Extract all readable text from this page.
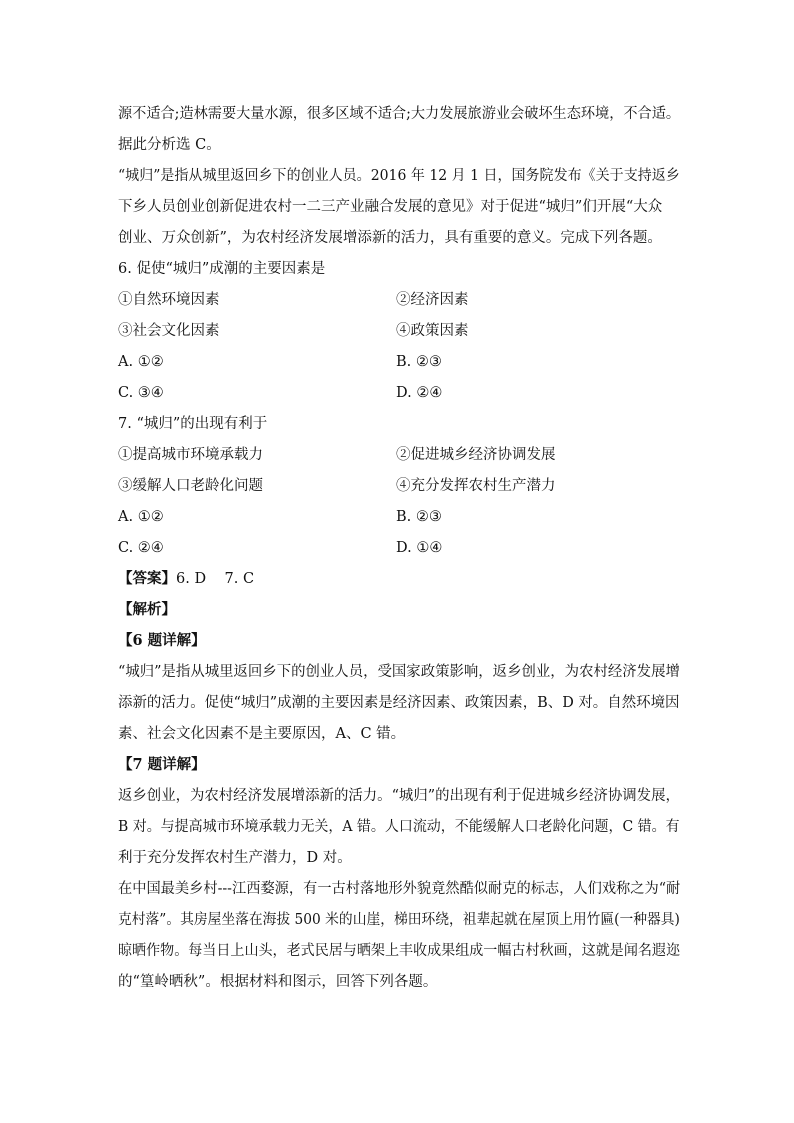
源不适合;造林需要大量水源，很多区域不适合;大力发展旅游业会破坏生态环境，不合适。
据此分析选 C。
“城归”是指从城里返回乡下的创业人员。2016 年 12 月 1 日，国务院发布《关于支持返乡
下乡人员创业创新促进农村一二三产业融合发展的意见》对于促进“城归”们开展“大众
创业、万众创新”，为农村经济发展增添新的活力，具有重要的意义。完成下列各题。
6. 促使“城归”成潮的主要因素是
①自然环境因素	②经济因素
③社会文化因素	④政策因素
A. ①②	B. ②③
C. ③④	D. ②④
7. “城归”的出现有利于
①提高城市环境承载力	②促进城乡经济协调发展
③缓解人口老龄化问题	④充分发挥农村生产潜力
A. ①②	B. ②③
C. ②④	D. ①④
【答案】6. D    7. C
【解析】
【6 题详解】
“城归”是指从城里返回乡下的创业人员，受国家政策影响，返乡创业，为农村经济发展增
添新的活力。促使“城归”成潮的主要因素是经济因素、政策因素，B、D 对。自然环境因
素、社会文化因素不是主要原因，A、C 错。
【7 题详解】
返乡创业，为农村经济发展增添新的活力。“城归”的出现有利于促进城乡经济协调发展，
B 对。与提高城市环境承载力无关，A 错。人口流动，不能缓解人口老龄化问题，C 错。有
利于充分发挥农村生产潜力，D 对。
在中国最美乡村---江西婺源，有一古村落地形外貌竟然酷似耐克的标志，人们戏称之为“耐
克村落”。其房屋坐落在海拔 500 米的山崖，梯田环绕，祖辈起就在屋顶上用竹匾(一种器具)
晾晒作物。每当日上山头，老式民居与晒架上丰收成果组成一幅古村秋画，这就是闻名遐迩
的“篁岭晒秋”。根据材料和图示，回答下列各题。
